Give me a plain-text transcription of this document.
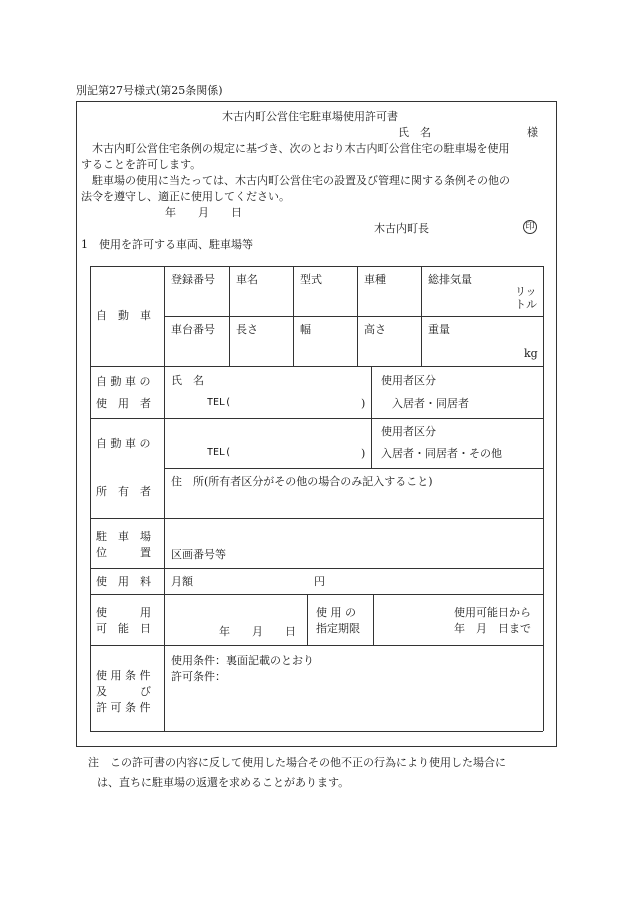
別記第27号様式(第25条関係)
木古内町公営住宅駐車場使用許可書
氏　名	様
　木古内町公営住宅条例の規定に基づき、次のとおり木古内町公営住宅の駐車場を使用
することを許可します。
　駐車場の使用に当たっては、木古内町公営住宅の設置及び管理に関する条例その他の
法令を遵守し、適正に使用してください。
年　　月　　日
木古内町長	印
1　使用を許可する車両、駐車場等
自　動　車
登録番号 車名	型式	車種	総排気量
リッ
トル
車台番号 長さ	幅	高さ	重量
kg
自 動 車 の
使　用　者
氏　名
TEL(	)
使用者区分
入居者・同居者
自 動 車 の
所　有　者
TEL(	)
使用者区分
入居者・同居者・その他
住　所(所有者区分がその他の場合のみ記入すること)
駐　車　場
位　　　置 区画番号等
使　用　料 月額	円
使　　　用
可　能　日	年　　月　　日
使 用 の
指定期限
使用可能日から
年　月　日まで
使 用 条 件
及　　　び
許 可 条 件
使用条件：裏面記載のとおり
許可条件：
注　この許可書の内容に反して使用した場合その他不正の行為により使用した場合に
は、直ちに駐車場の返還を求めることがあります。
